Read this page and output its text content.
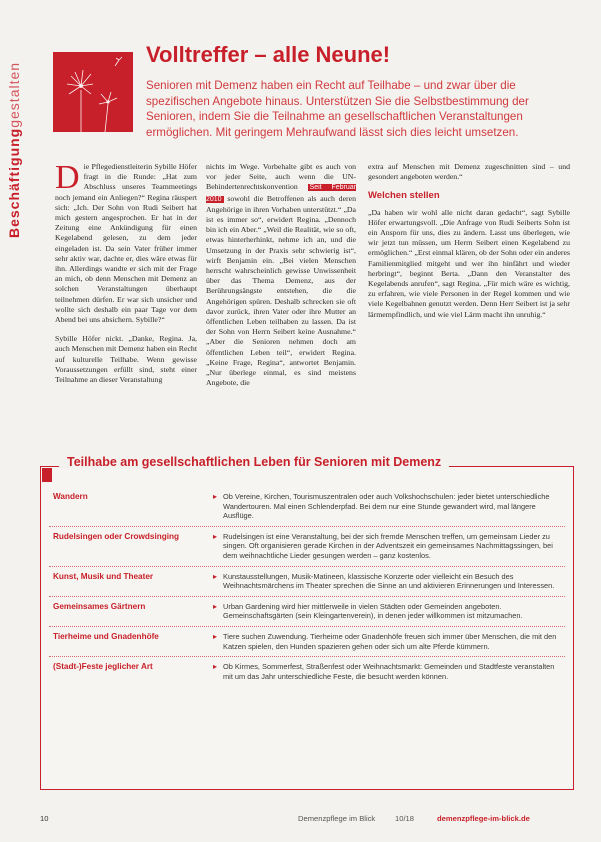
Beschäftigunggestalten
Volltreffer – alle Neune!
Senioren mit Demenz haben ein Recht auf Teilhabe – und zwar über die spezifischen Angebote hinaus. Unterstützen Sie die Selbstbestimmung der Senioren, indem Sie die Teilnahme an gesellschaftlichen Veranstaltungen ermöglichen. Mit geringem Mehraufwand lässt sich dies leicht umsetzen.

Die Pflegedienstleiterin Sybille Höfer fragt in die Runde: „Hat zum Abschluss unseres Teammeetings noch jemand ein Anliegen?“ Regina räuspert sich: „Ich. Der Sohn von Rudi Seibert hat mich gestern angesprochen. Er hat in der Zeitung eine Ankündigung für einen Kegelabend gelesen, zu dem jeder eingeladen ist. Da sein Vater früher immer sehr aktiv war, dachte er, dies wäre etwas für ihn. Allerdings wandte er sich mit der Frage an mich, ob denn Menschen mit Demenz an solchen Veranstaltungen überhaupt teilnehmen dürfen. Er war sich unsicher und wollte sich deshalb ein paar Tage vor dem Abend bei uns absichern. Sybille?“

Sybille Höfer nickt. „Danke, Regina. Ja, auch Menschen mit Demenz haben ein Recht auf kulturelle Teilhabe. Wenn gewisse Voraussetzungen erfüllt sind, steht einer Teilnahme an dieser Veranstaltung

nichts im Wege. Vorbehalte gibt es auch von vor jeder Seite, auch wenn die UN-Behindertenrechtskonvention Seit Februar 2010 sowohl die Betroffenen als auch deren Angehörige in ihren Vorhaben unterstützt.“ „Da ist es immer so“, erwidert Regina. „Dennoch bin ich ein Aber.“ „Weil die Realität, wie so oft, etwas hinterherhinkt, nehme ich an, und die Umsetzung in der Praxis sehr schwierig ist“, wirft Benjamin ein. „Bei vielen Menschen herrscht wahrscheinlich gewisse Unwissenheit über das Thema Demenz, aus der Berührungsängste entstehen, die die Angehörigen spüren. Deshalb schrecken sie oft davor zurück, ihren Vater oder ihre Mutter an öffentlichen Leben teilhaben zu lassen. Da ist der Sohn von Herrn Seibert keine Ausnahme.“ „Aber die Senioren nehmen doch am öffentlichen Leben teil“, erwidert Regina. „Keine Frage, Regina“, antwortet Benjamin. „Nur überlege einmal, es sind meistens Angebote, die

extra auf Menschen mit Demenz zugeschnitten sind – und gesondert angeboten werden.“

Welchen stellen

„Da haben wir wohl alle nicht daran gedacht“, sagt Sybille Höfer erwartungsvoll. „Die Anfrage von Rudi Seiberts Sohn ist ein Ansporn für uns, dies zu ändern. Lasst uns überlegen, wie wir jetzt tun müssen, um Herrn Seibert einen Kegelabend zu ermöglichen.“ „Erst einmal klären, ob der Sohn oder ein anderes Familienmitglied mitgeht und wer ihn hinfährt und wieder herbringt“, beginnt Berta. „Dann den Veranstalter des Kegelabends anrufen“, sagt Regina. „Für mich wäre es wichtig, zu erfahren, wie viele Personen in der Regel kommen und wie viele Kegelbahnen genutzt werden. Denn Herr Seibert ist ja sehr lärmempfindlich, und wie viel Lärm macht ihn unruhig.“

Teilhabe am gesellschaftlichen Leben für Senioren mit Demenz
Wandern	▸ Ob Vereine, Kirchen, Tourismuszentralen oder auch Volkshochschulen: jeder bietet unterschiedliche Wandertouren. Mal einen Schlenderpfad. Bei dem nur eine Stunde gewandert wird, mal längere Ausflüge.
Rudelsingen oder Crowdsinging	▸ Rudelsingen ist eine Veranstaltung, bei der sich fremde Menschen treffen, um gemeinsam Lieder zu singen. Oft organisieren gerade Kirchen in der Adventszeit ein gemeinsames Nachmittagssingen, bei dem weihnachtliche Lieder gesungen werden – ganz kostenlos.
Kunst, Musik und Theater	▸ Kunstausstellungen, Musik-Matineen, klassische Konzerte oder vielleicht ein Besuch des Weihnachtsmärchens im Theater sprechen die Sinne an und aktivieren Erinnerungen und Interessen.
Gemeinsames Gärtnern	▸ Urban Gardening wird hier mittlerweile in vielen Städten oder Gemeinden angeboten. Gemeinschaftsgärten (sein Kleingartenverein), in denen jeder willkommen ist mitzumachen.
Tierheime und Gnadenhöfe	▸ Tiere suchen Zuwendung. Tierheime oder Gnadenhöfe freuen sich immer über Menschen, die mit den Katzen spielen, den Hunden spazieren gehen oder sich um alte Pferde kümmern.
(Stadt-)Feste jeglicher Art	▸ Ob Kirmes, Sommerfest, Straßenfest oder Weihnachtsmarkt: Gemeinden und Stadtfeste veranstalten mit um das Jahr unterschiedliche Feste, die besucht werden können.
10	Demenzpflege im Blick	10/18	demenzpflege-im-blick.de
